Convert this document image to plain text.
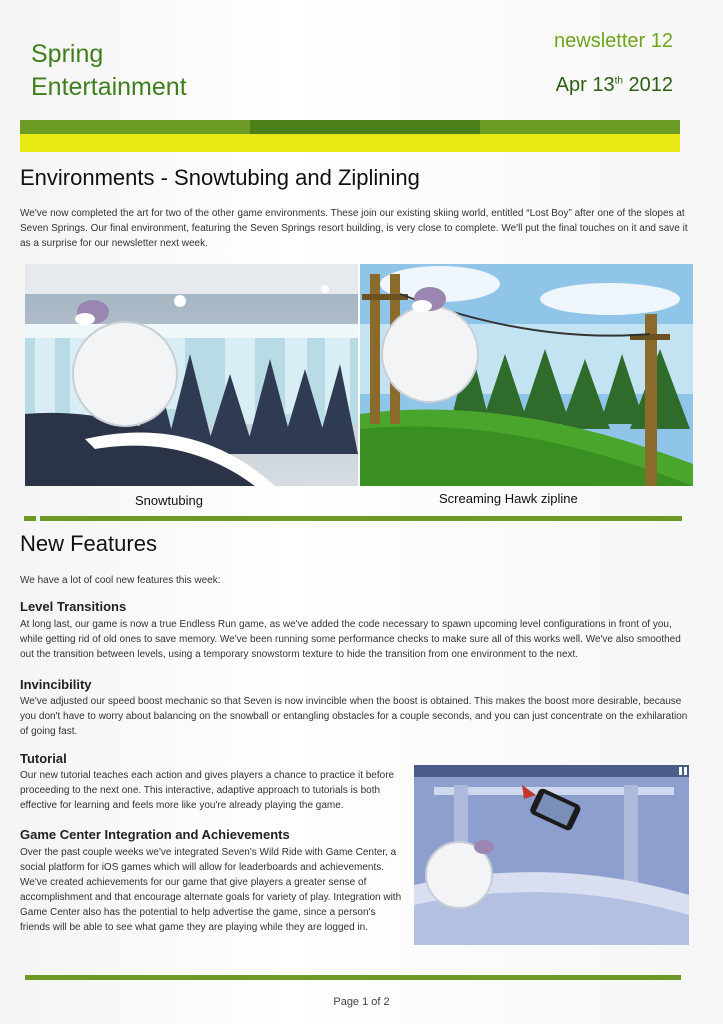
Spring
Entertainment
newsletter 12
Apr 13th 2012
Environments - Snowtubing and Ziplining
We've now completed the art for two of the other game environments. These join our existing skiing world, entitled “Lost Boy” after one of the slopes at Seven Springs. Our final environment, featuring the Seven Springs resort building, is very close to complete. We'll put the final touches on it and save it as a surprise for our newsletter next week.
Snowtubing	Screaming Hawk zipline
New Features
We have a lot of cool new features this week:
Level Transitions
At long last, our game is now a true Endless Run game, as we've added the code necessary to spawn upcoming level configurations in front of you, while getting rid of old ones to save memory. We've been running some performance checks to make sure all of this works well. We've also smoothed out the transition between levels, using a temporary snowstorm texture to hide the transition from one environment to the next.
Invincibility
We've adjusted our speed boost mechanic so that Seven is now invincible when the boost is obtained. This makes the boost more desirable, because you don't have to worry about balancing on the snowball or entangling obstacles for a couple seconds, and you can just concentrate on the exhilaration of going fast.
Tutorial
Our new tutorial teaches each action and gives players a chance to practice it before proceeding to the next one. This interactive, adaptive approach to tutorials is both effective for learning and feels more like you're already playing the game.
Game Center Integration and Achievements
Over the past couple weeks we've integrated Seven's Wild Ride with Game Center, a social platform for iOS games which will allow for leaderboards and achievements. We've created achievements for our game that give players a greater sense of accomplishment and that encourage alternate goals for variety of play. Integration with Game Center also has the potential to help advertise the game, since a person's friends will be able to see what game they are playing while they are logged in.
Page 1 of 2
